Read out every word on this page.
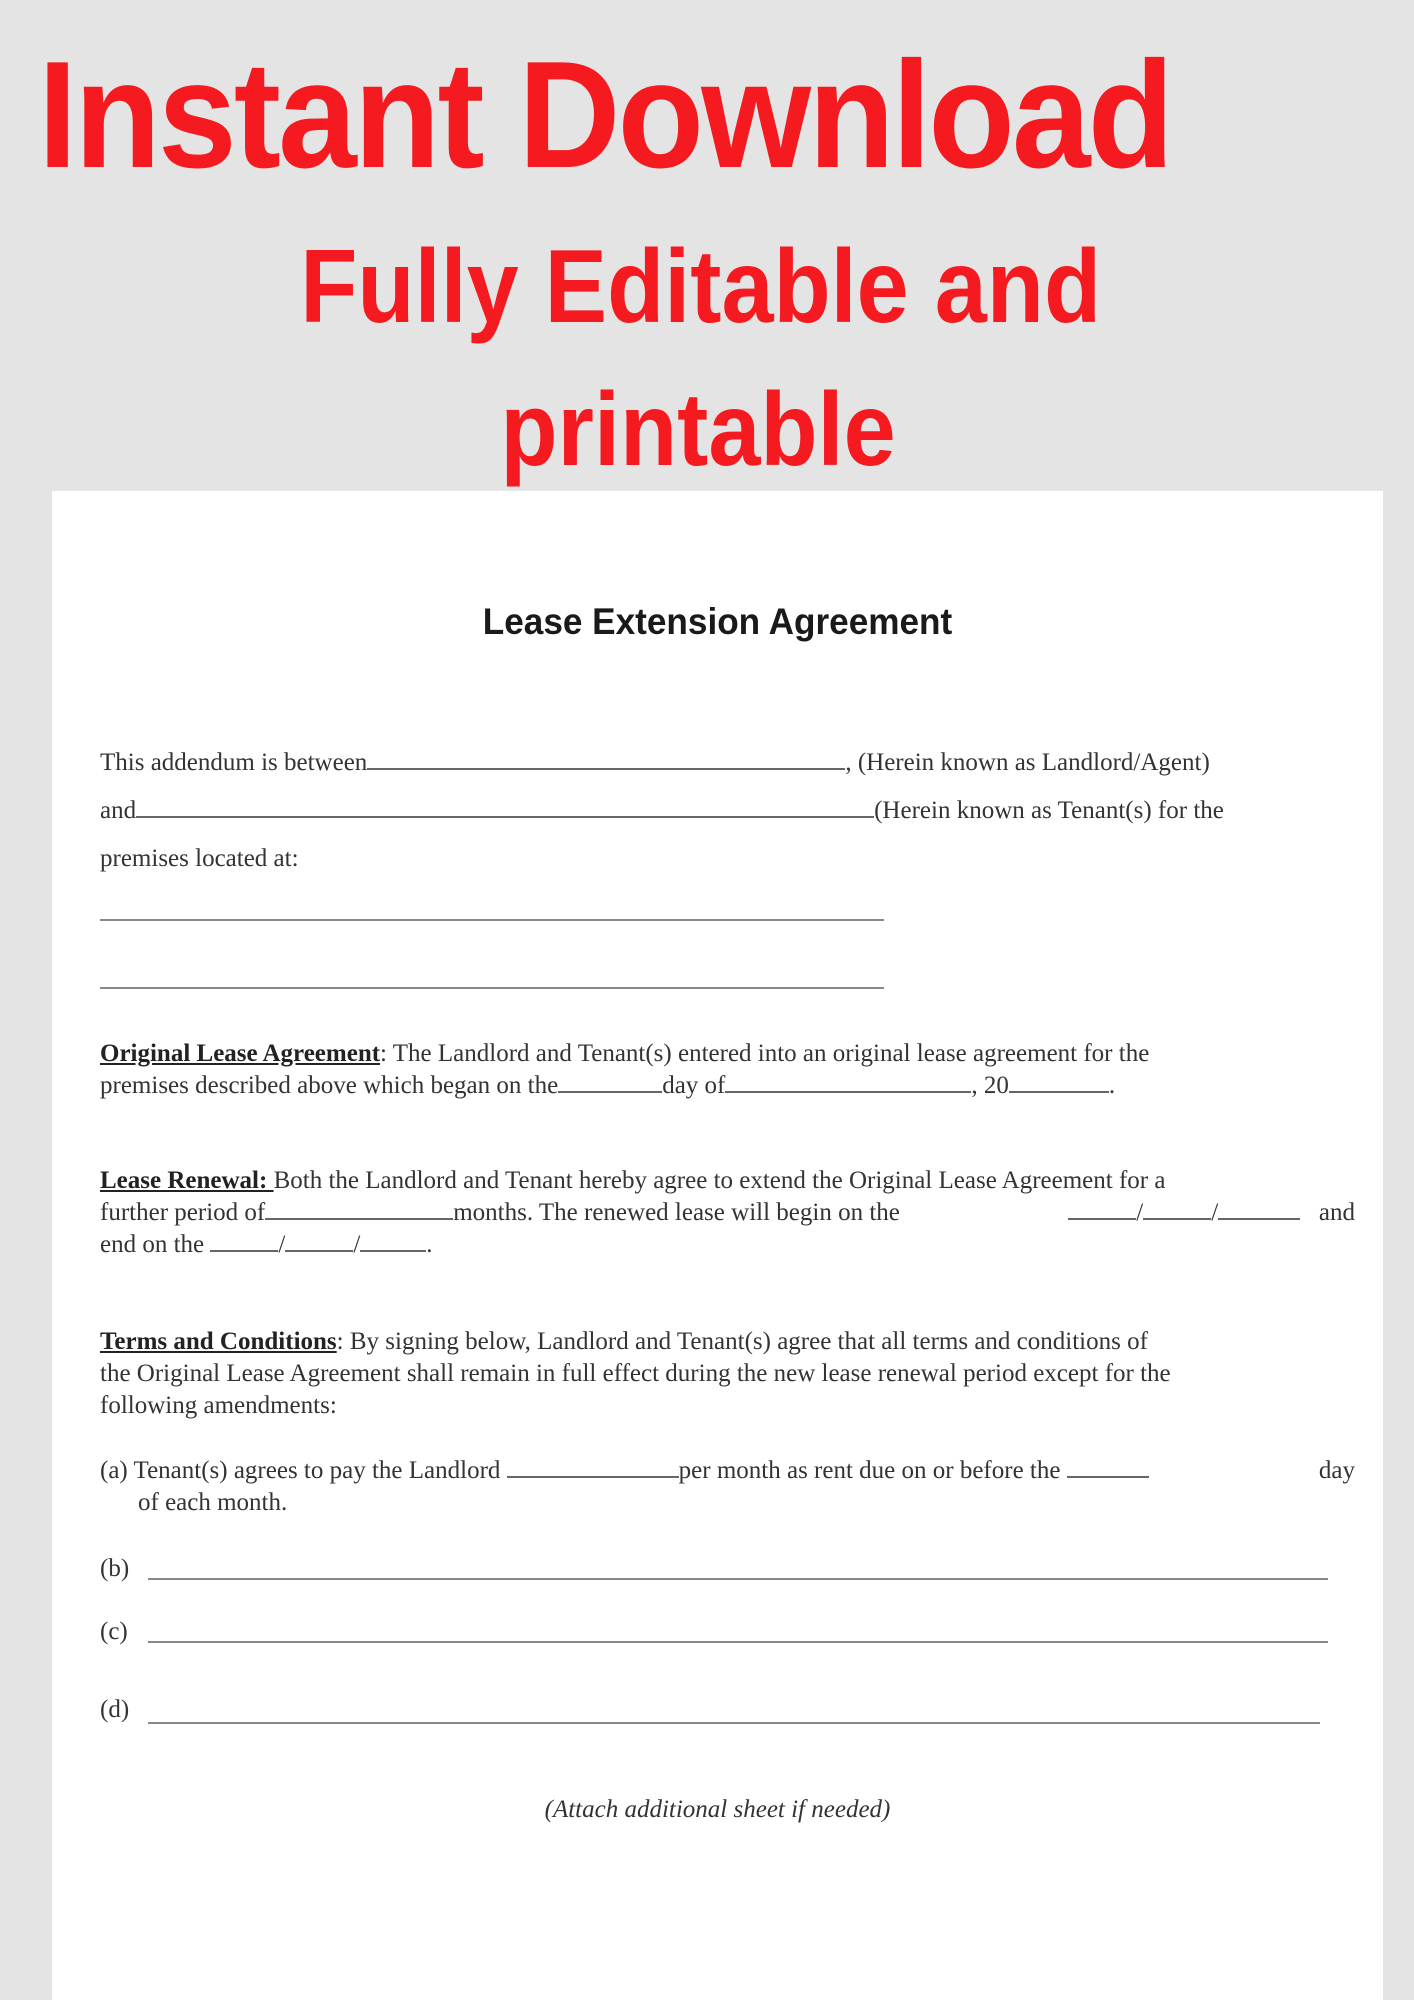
Instant Download
Fully Editable and
printable
Lease Extension Agreement
This addendum is between	, (Herein known as Landlord/Agent)
and	(Herein known as Tenant(s) for the
premises located at:
Original Lease Agreement: The Landlord and Tenant(s) entered into an original lease agreement for the
premises described above which began on the	day of	, 20	.
Lease Renewal: Both the Landlord and Tenant hereby agree to extend the Original Lease Agreement for a

further period of	months. The renewed lease will begin on the	/	/	and
end on the	/	/	.
Terms and Conditions: By signing below, Landlord and Tenant(s) agree that all terms and conditions of
the Original Lease Agreement shall remain in full effect during the new lease renewal period except for the
following amendments:
(a) Tenant(s) agrees to pay the Landlord	per month as rent due on or before the	day
of each month.
(b)
(c)
(d)
(Attach additional sheet if needed)
